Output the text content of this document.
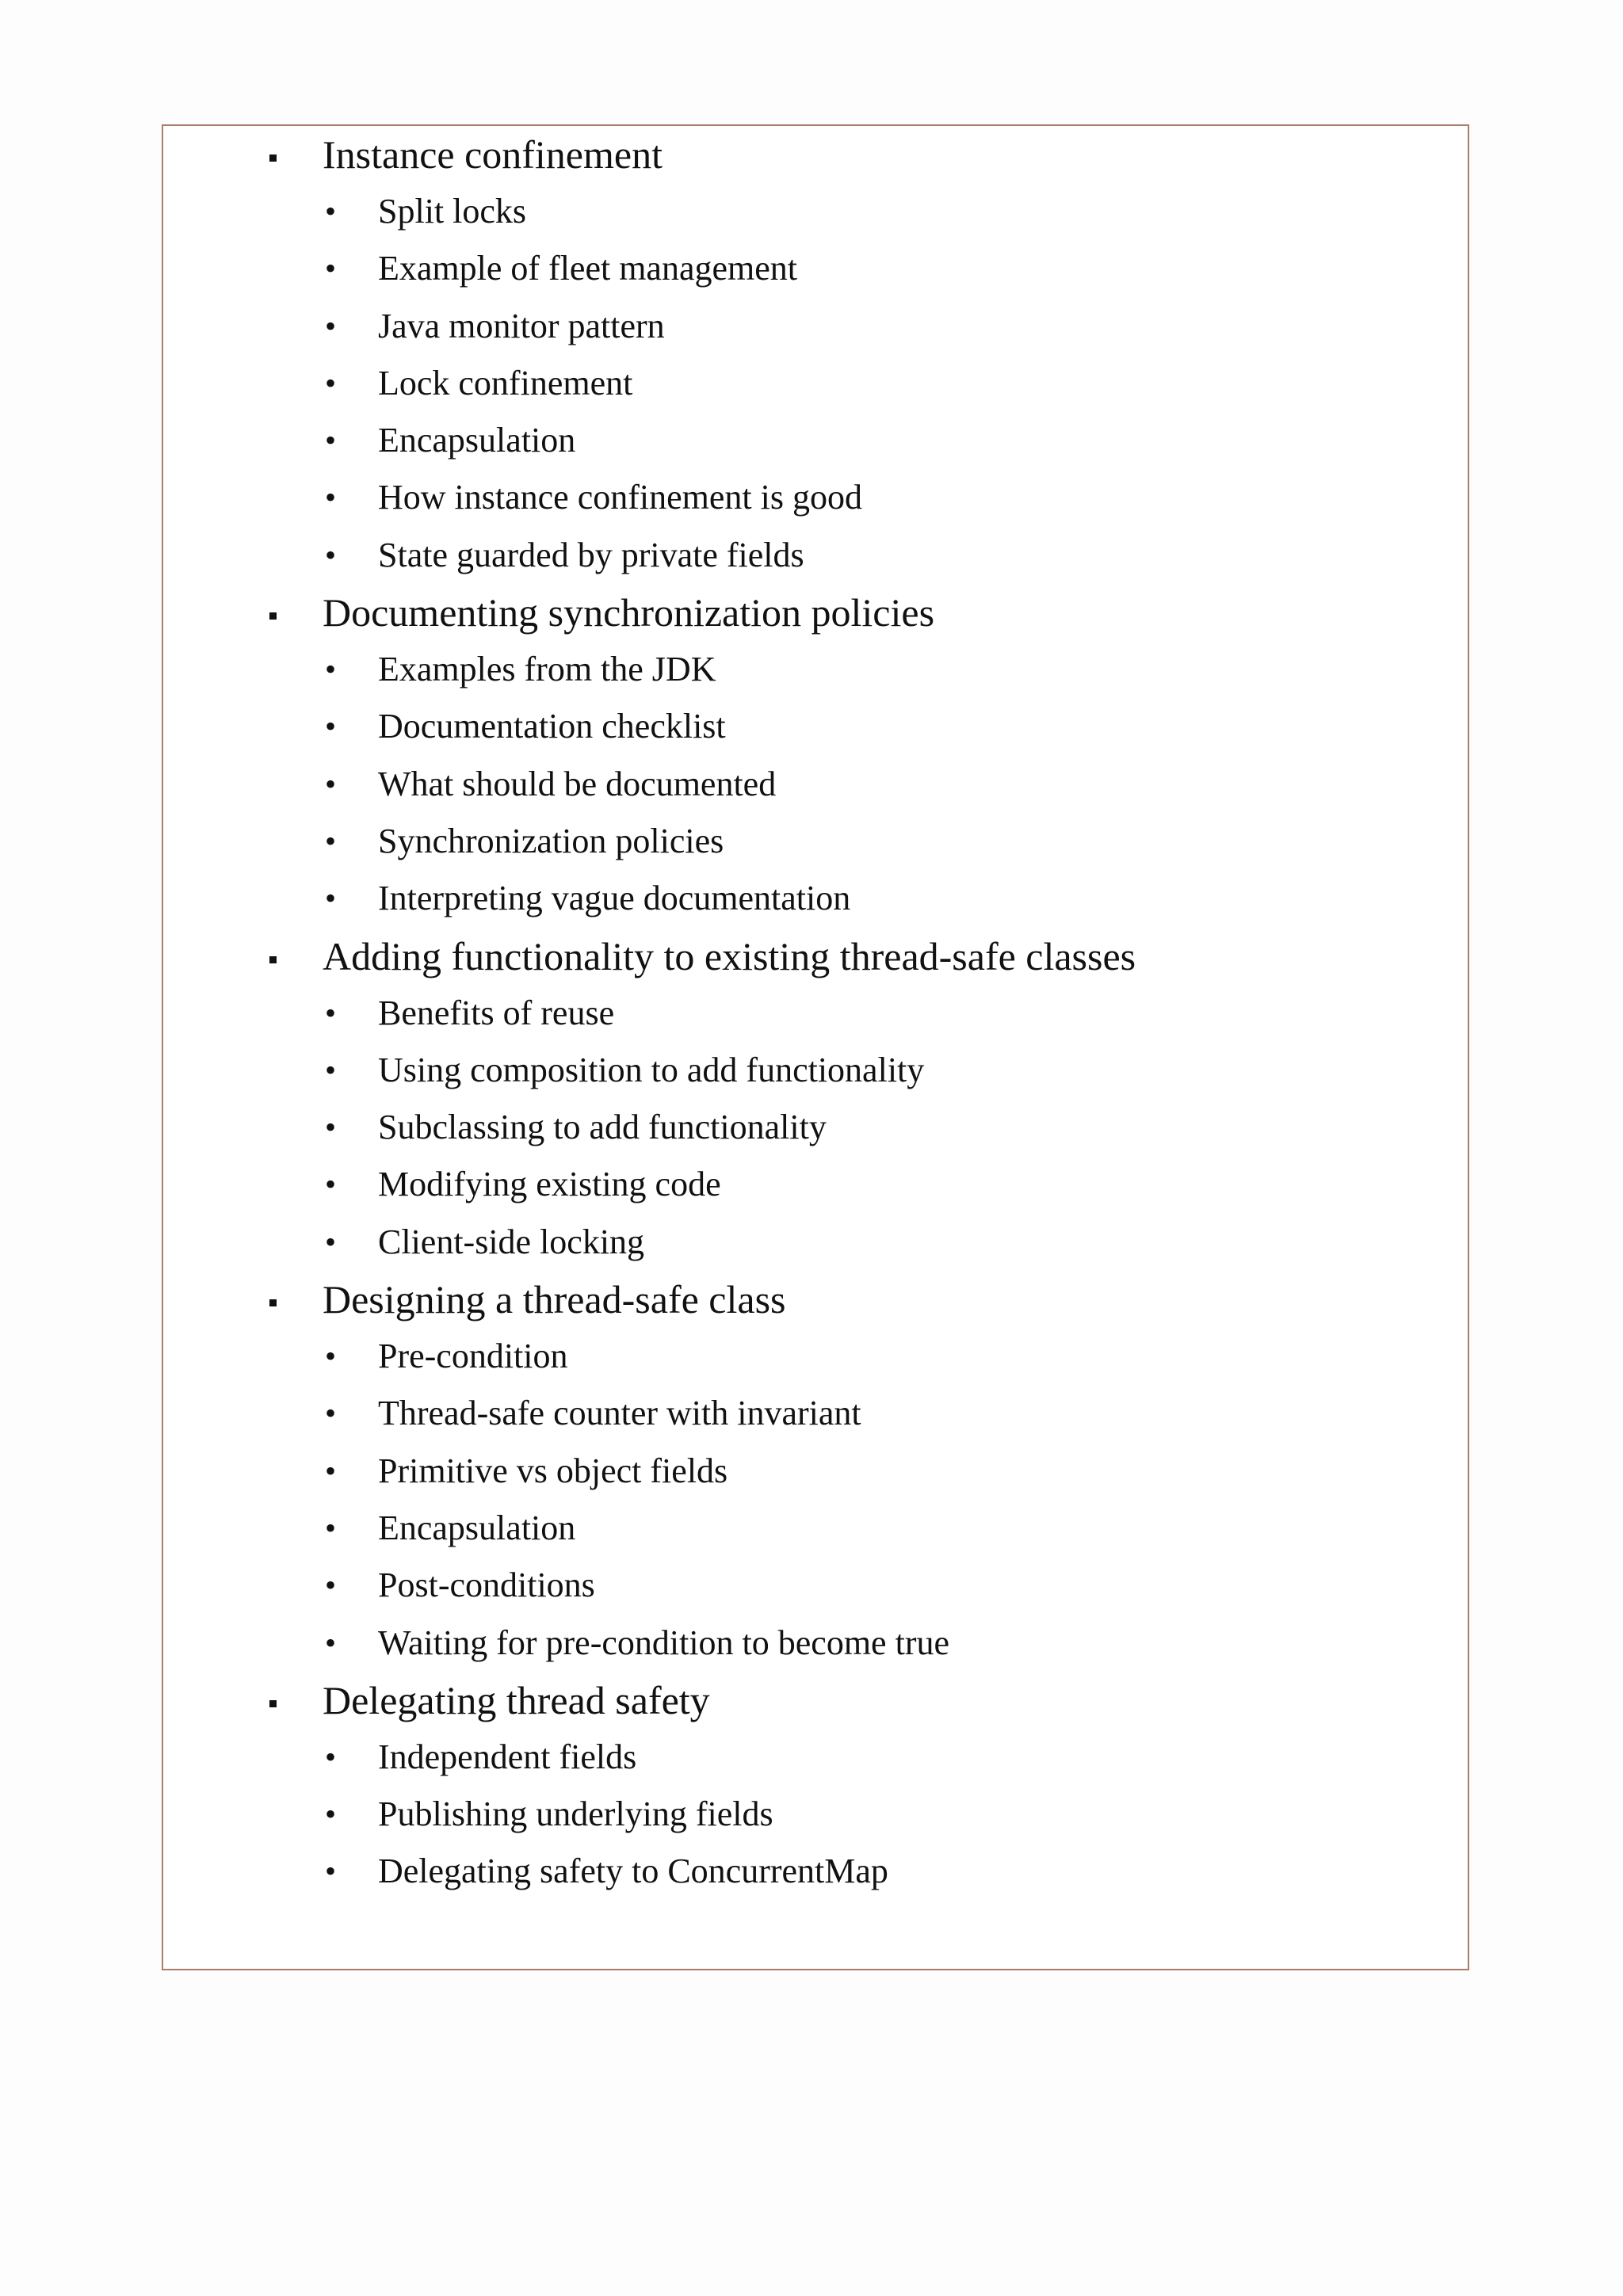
Instance confinement
• Split locks
• Example of fleet management
• Java monitor pattern
• Lock confinement
• Encapsulation
• How instance confinement is good
• State guarded by private fields
Documenting synchronization policies
• Examples from the JDK
• Documentation checklist
• What should be documented
• Synchronization policies
• Interpreting vague documentation
Adding functionality to existing thread-safe classes
• Benefits of reuse
• Using composition to add functionality
• Subclassing to add functionality
• Modifying existing code
• Client-side locking
Designing a thread-safe class
• Pre-condition
• Thread-safe counter with invariant
• Primitive vs object fields
• Encapsulation
• Post-conditions
• Waiting for pre-condition to become true
Delegating thread safety
• Independent fields
• Publishing underlying fields
• Delegating safety to ConcurrentMap
